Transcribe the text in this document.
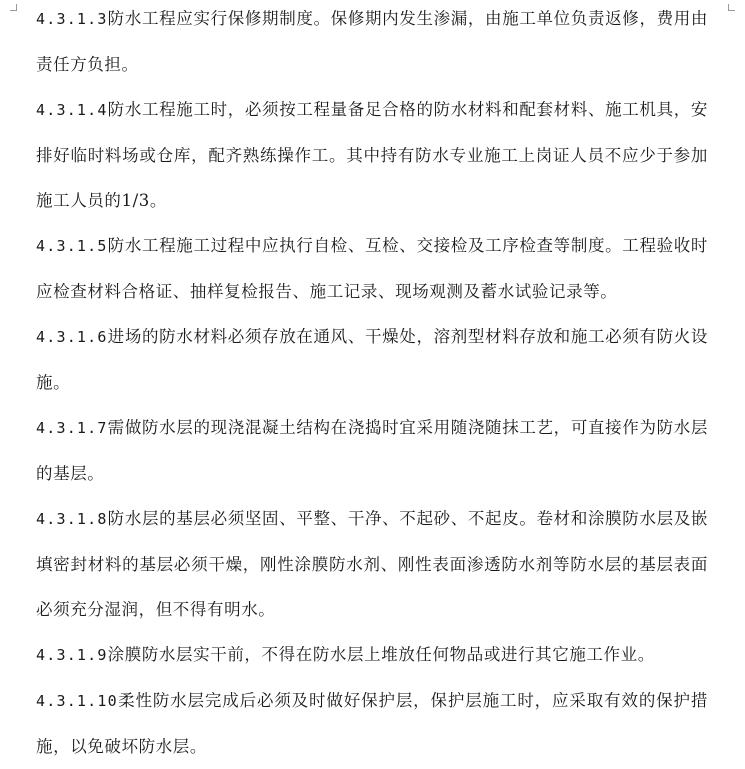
4.3.1.3防水工程应实行保修期制度。保修期内发生渗漏，由施工单位负责返修，费用由责任方负担。

4.3.1.4防水工程施工时，必须按工程量备足合格的防水材料和配套材料、施工机具，安排好临时料场或仓库，配齐熟练操作工。其中持有防水专业施工上岗证人员不应少于参加施工人员的1/3。

4.3.1.5防水工程施工过程中应执行自检、互检、交接检及工序检查等制度。工程验收时应检查材料合格证、抽样复检报告、施工记录、现场观测及蓄水试验记录等。

4.3.1.6进场的防水材料必须存放在通风、干燥处，溶剂型材料存放和施工必须有防火设施。

4.3.1.7需做防水层的现浇混凝土结构在浇捣时宜采用随浇随抹工艺，可直接作为防水层的基层。

4.3.1.8防水层的基层必须坚固、平整、干净、不起砂、不起皮。卷材和涂膜防水层及嵌填密封材料的基层必须干燥，刚性涂膜防水剂、刚性表面渗透防水剂等防水层的基层表面必须充分湿润，但不得有明水。

4.3.1.9涂膜防水层实干前，不得在防水层上堆放任何物品或进行其它施工作业。

4.3.1.10柔性防水层完成后必须及时做好保护层，保护层施工时，应采取有效的保护措施，以免破坏防水层。
